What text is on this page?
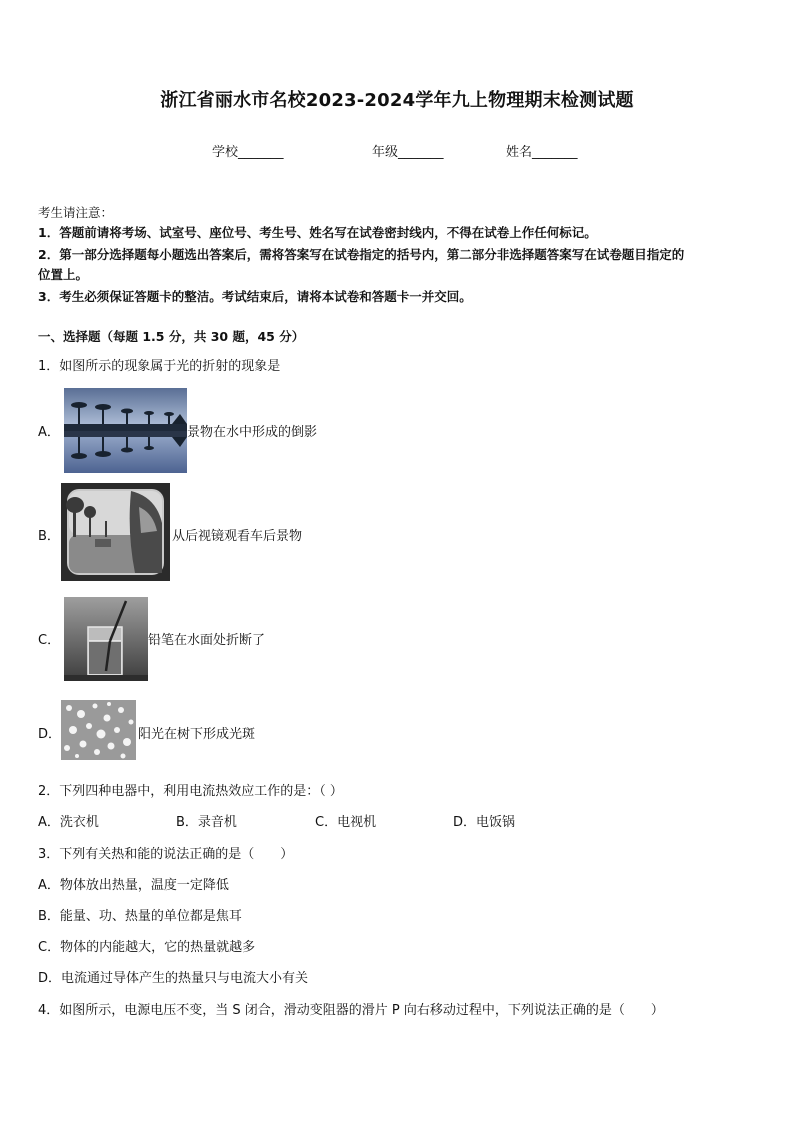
浙江省丽水市名校2023-2024学年九上物理期末检测试题
学校_______	年级_______	姓名_______
考生请注意：
1．答题前请将考场、试室号、座位号、考生号、姓名写在试卷密封线内，不得在试卷上作任何标记。
2．第一部分选择题每小题选出答案后，需将答案写在试卷指定的括号内，第二部分非选择题答案写在试卷题目指定的
位置上。
3．考生必须保证答题卡的整洁。考试结束后，请将本试卷和答题卡一并交回。
一、选择题（每题 1.5 分，共 30 题，45 分）
1．如图所示的现象属于光的折射的现象是
A．	景物在水中形成的倒影
B．	从后视镜观看车后景物
C．	铅笔在水面处折断了
D．	阳光在树下形成光斑
2．下列四种电器中，利用电流热效应工作的是：（ ）
A．洗衣机	B．录音机	C．电视机	D．电饭锅
3．下列有关热和能的说法正确的是（　　）
A．物体放出热量，温度一定降低
B．能量、功、热量的单位都是焦耳
C．物体的内能越大，它的热量就越多
D．电流通过导体产生的热量只与电流大小有关
4．如图所示，电源电压不变，当 S 闭合，滑动变阻器的滑片 P 向右移动过程中，下列说法正确的是（　　）
